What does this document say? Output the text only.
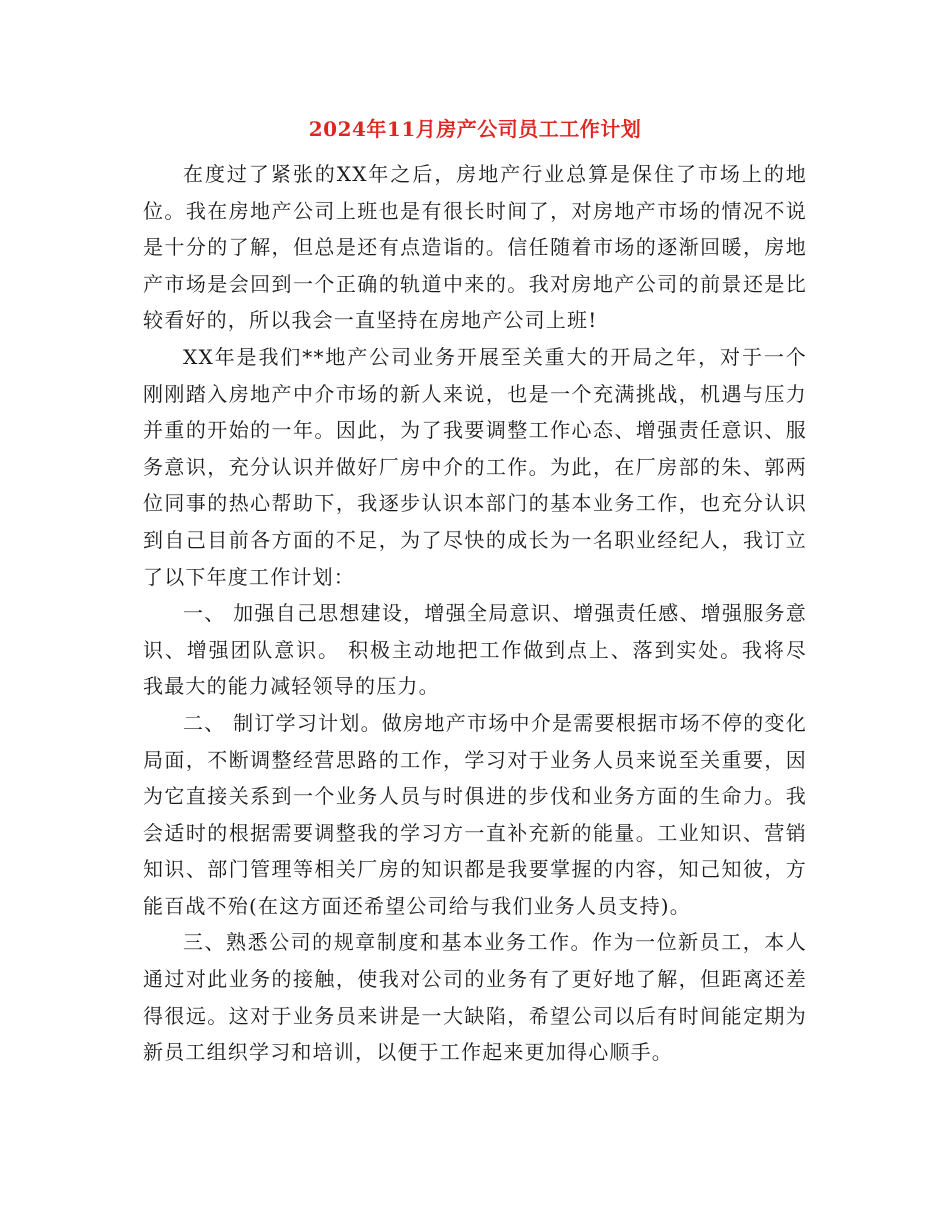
2024年11月房产公司员工工作计划

在度过了紧张的XX年之后，房地产行业总算是保住了市场上的地位。我在房地产公司上班也是有很长时间了，对房地产市场的情况不说是十分的了解，但总是还有点造诣的。信任随着市场的逐渐回暖，房地产市场是会回到一个正确的轨道中来的。我对房地产公司的前景还是比较看好的，所以我会一直坚持在房地产公司上班!

XX年是我们**地产公司业务开展至关重大的开局之年，对于一个刚刚踏入房地产中介市场的新人来说，也是一个充满挑战，机遇与压力并重的开始的一年。因此，为了我要调整工作心态、增强责任意识、服务意识，充分认识并做好厂房中介的工作。为此，在厂房部的朱、郭两位同事的热心帮助下，我逐步认识本部门的基本业务工作，也充分认识到自己目前各方面的不足，为了尽快的成长为一名职业经纪人，我订立了以下年度工作计划：

一、 加强自己思想建设，增强全局意识、增强责任感、增强服务意识、增强团队意识。 积极主动地把工作做到点上、落到实处。我将尽我最大的能力减轻领导的压力。

二、 制订学习计划。做房地产市场中介是需要根据市场不停的变化局面，不断调整经营思路的工作，学习对于业务人员来说至关重要，因为它直接关系到一个业务人员与时俱进的步伐和业务方面的生命力。我会适时的根据需要调整我的学习方一直补充新的能量。工业知识、营销知识、部门管理等相关厂房的知识都是我要掌握的内容，知己知彼，方能百战不殆(在这方面还希望公司给与我们业务人员支持)。

三、熟悉公司的规章制度和基本业务工作。作为一位新员工，本人通过对此业务的接触，使我对公司的业务有了更好地了解，但距离还差得很远。这对于业务员来讲是一大缺陷，希望公司以后有时间能定期为新员工组织学习和培训，以便于工作起来更加得心顺手。
